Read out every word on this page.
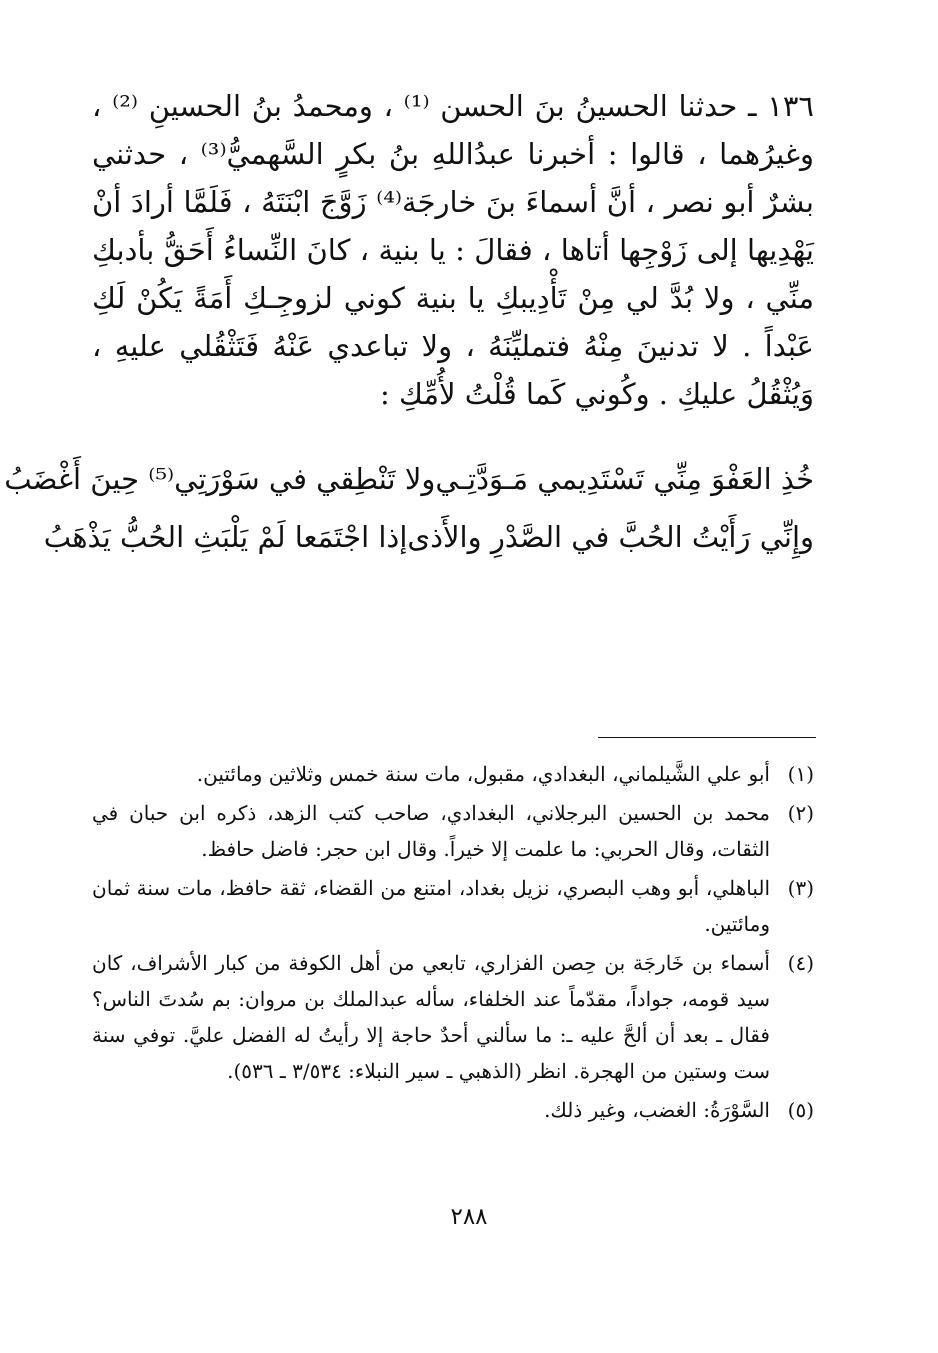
١٣٦ ـ حدثنا الحسينُ بنَ الحسن ⁽¹⁾ ، ومحمدُ بنُ الحسينِ ⁽²⁾ ، وغيرُهما ، قالوا : أخبرنا عبدُاللهِ بنُ بكرٍ السَّهميُّ⁽³⁾ ، حدثني بشرٌ أبو نصر ، أنَّ أسماءَ بنَ خارجَة⁽⁴⁾ زَوَّجَ ابْنَتَهُ ، فَلَمَّا أرادَ أنْ يَهْدِيها إلى زَوْجِها أتاها ، فقالَ : يا بنية ، كانَ النِّساءُ أَحَقُّ بأدبكِ منِّي ، ولا بُدَّ لي مِنْ تَأْدِيبكِ يا بنية كوني لزوجِـكِ أَمَةً يَكُنْ لَكِ عَبْداً . لا تدنينَ مِنْهُ فتمليِّنَهُ ، ولا تباعدي عَنْهُ فَتَثْقُلي عليهِ ، وَيُثْقُلُ عليكِ . وكُوني كَما قُلْتُ لأُمِّكِ :

خُذِ العَفْوَ مِنِّي تَسْتَدِيمي مَـوَدَّتِـي
ولا تَنْطِقي في سَوْرَتِي⁽⁵⁾ حِينَ أَغْضَبُ
وإِنِّي رَأَيْتُ الحُبَّ في الصَّدْرِ والأَذى
إذا اجْتَمَعا لَمْ يَلْبَثِ الحُبُّ يَذْهَبُ
(١)
أبو علي الشَّيلماني، البغدادي، مقبول، مات سنة خمس وثلاثين ومائتين.
(٢)
محمد بن الحسين البرجلاني، البغدادي، صاحب كتب الزهد، ذكره ابن حبان في الثقات، وقال الحربي: ما علمت إلا خيراً. وقال ابن حجر: فاضل حافظ.
(٣)
الباهلي، أبو وهب البصري، نزيل بغداد، امتنع من القضاء، ثقة حافظ، مات سنة ثمان ومائتين.
(٤)
أسماء بن خَارجَة بن حِصن الفزاري، تابعي من أهل الكوفة من كبار الأشراف، كان سيد قومه، جواداً، مقدّماً عند الخلفاء، سأله عبدالملك بن مروان: بم سُدتَ الناس؟ فقال ـ بعد أن ألحَّ عليه ـ: ما سألني أحدٌ حاجة إلا رأيتُ له الفضل عليَّ. توفي سنة ست وستين من الهجرة. انظر (الذهبي ـ سير النبلاء: ٣/٥٣٤ ـ ٥٣٦).
(٥)
السَّوْرَةُ: الغضب، وغير ذلك.
٢٨٨
